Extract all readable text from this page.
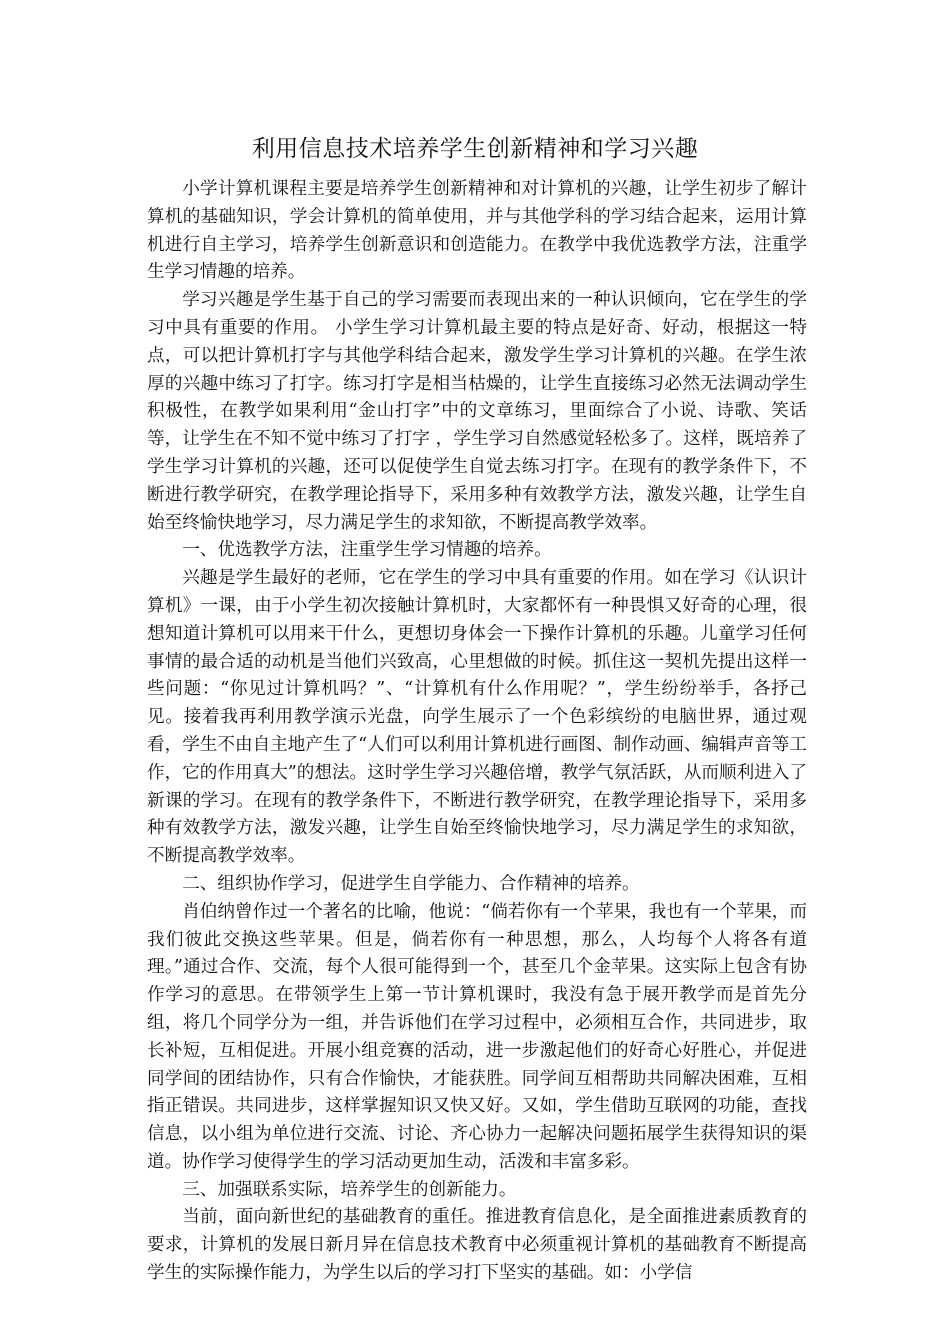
利用信息技术培养学生创新精神和学习兴趣

小学计算机课程主要是培养学生创新精神和对计算机的兴趣，让学生初步了解计算机的基础知识，学会计算机的简单使用，并与其他学科的学习结合起来，运用计算机进行自主学习，培养学生创新意识和创造能力。在教学中我优选教学方法，注重学生学习情趣的培养。

学习兴趣是学生基于自己的学习需要而表现出来的一种认识倾向，它在学生的学习中具有重要的作用。 小学生学习计算机最主要的特点是好奇、好动，根据这一特点，可以把计算机打字与其他学科结合起来，激发学生学习计算机的兴趣。在学生浓厚的兴趣中练习了打字。练习打字是相当枯燥的，让学生直接练习必然无法调动学生积极性，在教学如果利用“金山打字”中的文章练习，里面综合了小说、诗歌、笑话等，让学生在不知不觉中练习了打字 ，学生学习自然感觉轻松多了。这样，既培养了学生学习计算机的兴趣，还可以促使学生自觉去练习打字。在现有的教学条件下，不断进行教学研究，在教学理论指导下，采用多种有效教学方法，激发兴趣，让学生自始至终愉快地学习，尽力满足学生的求知欲，不断提高教学效率。

一、优选教学方法，注重学生学习情趣的培养。

兴趣是学生最好的老师，它在学生的学习中具有重要的作用。如在学习《认识计算机》一课，由于小学生初次接触计算机时，大家都怀有一种畏惧又好奇的心理，很想知道计算机可以用来干什么，更想切身体会一下操作计算机的乐趣。儿童学习任何事情的最合适的动机是当他们兴致高，心里想做的时候。抓住这一契机先提出这样一些问题：“你见过计算机吗？”、“计算机有什么作用呢？”，学生纷纷举手，各抒己见。接着我再利用教学演示光盘，向学生展示了一个色彩缤纷的电脑世界，通过观看，学生不由自主地产生了“人们可以利用计算机进行画图、制作动画、编辑声音等工作，它的作用真大”的想法。这时学生学习兴趣倍增，教学气氛活跃，从而顺利进入了新课的学习。在现有的教学条件下，不断进行教学研究，在教学理论指导下，采用多种有效教学方法，激发兴趣，让学生自始至终愉快地学习，尽力满足学生的求知欲，不断提高教学效率。

二、组织协作学习，促进学生自学能力、合作精神的培养。

肖伯纳曾作过一个著名的比喻，他说：“倘若你有一个苹果，我也有一个苹果，而我们彼此交换这些苹果。但是，倘若你有一种思想，那么，人均每个人将各有道理。”通过合作、交流，每个人很可能得到一个，甚至几个金苹果。这实际上包含有协作学习的意思。在带领学生上第一节计算机课时，我没有急于展开教学而是首先分组，将几个同学分为一组，并告诉他们在学习过程中，必须相互合作，共同进步，取长补短，互相促进。开展小组竞赛的活动，进一步激起他们的好奇心好胜心，并促进同学间的团结协作，只有合作愉快，才能获胜。同学间互相帮助共同解决困难，互相指正错误。共同进步，这样掌握知识又快又好。又如，学生借助互联网的功能，查找信息，以小组为单位进行交流、讨论、齐心协力一起解决问题拓展学生获得知识的渠道。协作学习使得学生的学习活动更加生动，活泼和丰富多彩。

三、加强联系实际，培养学生的创新能力。

当前，面向新世纪的基础教育的重任。推进教育信息化，是全面推进素质教育的要求，计算机的发展日新月异在信息技术教育中必须重视计算机的基础教育不断提高学生的实际操作能力，为学生以后的学习打下坚实的基础。如：小学信
